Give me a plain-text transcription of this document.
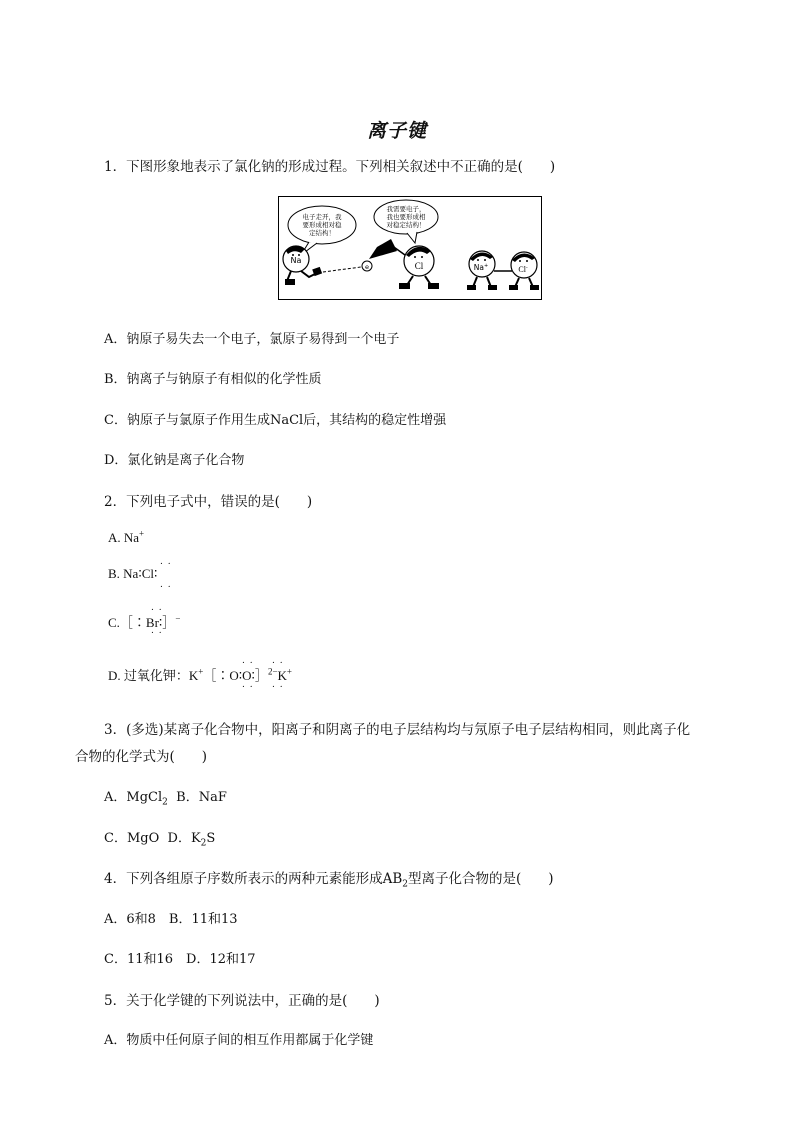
离子键
1．下图形象地表示了氯化钠的形成过程。下列相关叙述中不正确的是(　　)
电子走开，我
要形成相对稳
定结构！
Na
e
我需要电子，
我也要形成相
对稳定结构！
Cl	Na+	Cl-
A．钠原子易失去一个电子，氯原子易得到一个电子
B．钠离子与钠原子有相似的化学性质
C．钠原子与氯原子作用生成NaCl后，其结构的稳定性增强
D．氯化钠是离子化合物
2．下列电子式中，错误的是(　　)
A. Na+
. .
B. Na∶Cl∶
. .
. .
C.［∶Br∶］−
. .
. . . .
D. 过氧化钾：K+［∶O∶O∶］$^{2-}$K+
. . . .
3．(多选)某离子化合物中，阳离子和阴离子的电子层结构均与氖原子电子层结构相同，则此离子化
合物的化学式为(　　)
A．MgCl$_2$ B．NaF
C．MgO D．$K_2S$
4．下列各组原子序数所表示的两种元素能形成$AB_2$型离子化合物的是(　　)
A．6和8　B．11和13
C．11和16　D．12和17
5．关于化学键的下列说法中，正确的是(　　)
A．物质中任何原子间的相互作用都属于化学键
